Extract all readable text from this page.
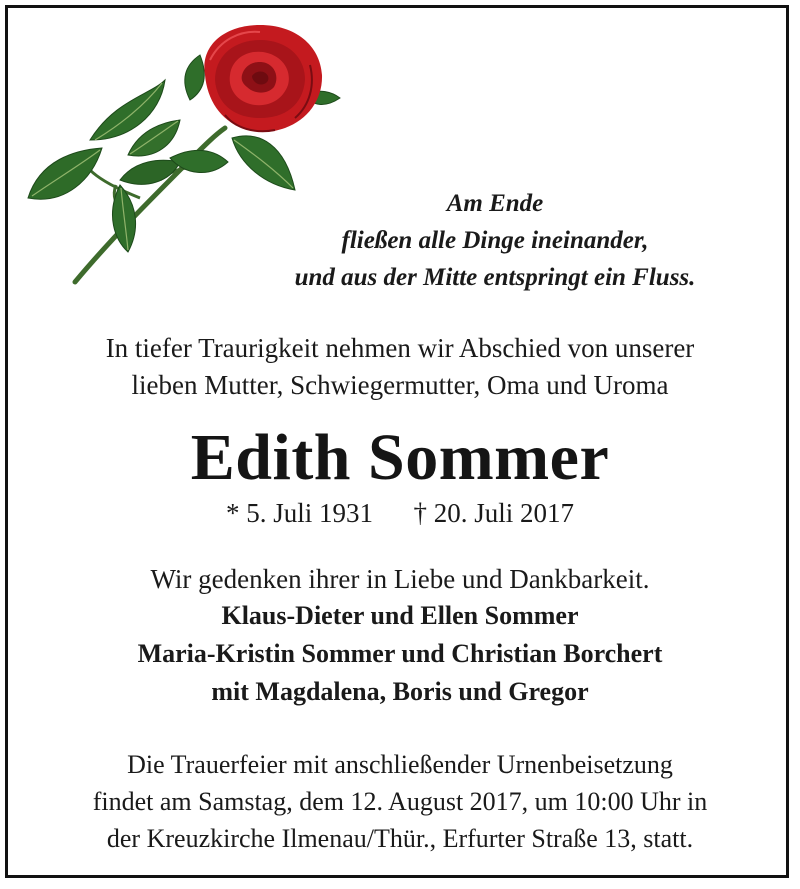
Am Ende
fließen alle Dinge ineinander,
und aus der Mitte entspringt ein Fluss.
In tiefer Traurigkeit nehmen wir Abschied von unserer
lieben Mutter, Schwiegermutter, Oma und Uroma
Edith Sommer
* 5. Juli 1931 † 20. Juli 2017
Wir gedenken ihrer in Liebe und Dankbarkeit.
Klaus-Dieter und Ellen Sommer
Maria-Kristin Sommer und Christian Borchert
mit Magdalena, Boris und Gregor
Die Trauerfeier mit anschließender Urnenbeisetzung
findet am Samstag, dem 12. August 2017, um 10:00 Uhr in
der Kreuzkirche Ilmenau/Thür., Erfurter Straße 13, statt.
